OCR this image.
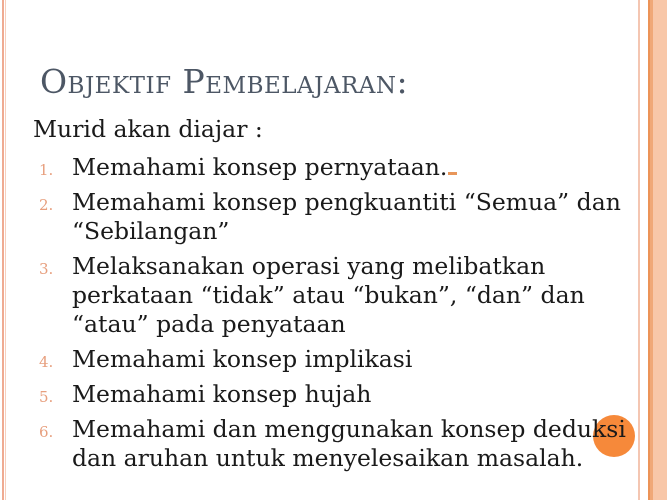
Objektif Pembelajaran:
Murid akan diajar :
1. Memahami konsep pernyataan.
2. Memahami konsep pengkuantiti “Semua” dan
“Sebilangan”
3. Melaksanakan operasi yang melibatkan
perkataan “tidak” atau “bukan”, “dan” dan
“atau” pada penyataan
4. Memahami konsep implikasi
5. Memahami konsep hujah
6. Memahami dan menggunakan konsep deduksi
dan aruhan untuk menyelesaikan masalah.
